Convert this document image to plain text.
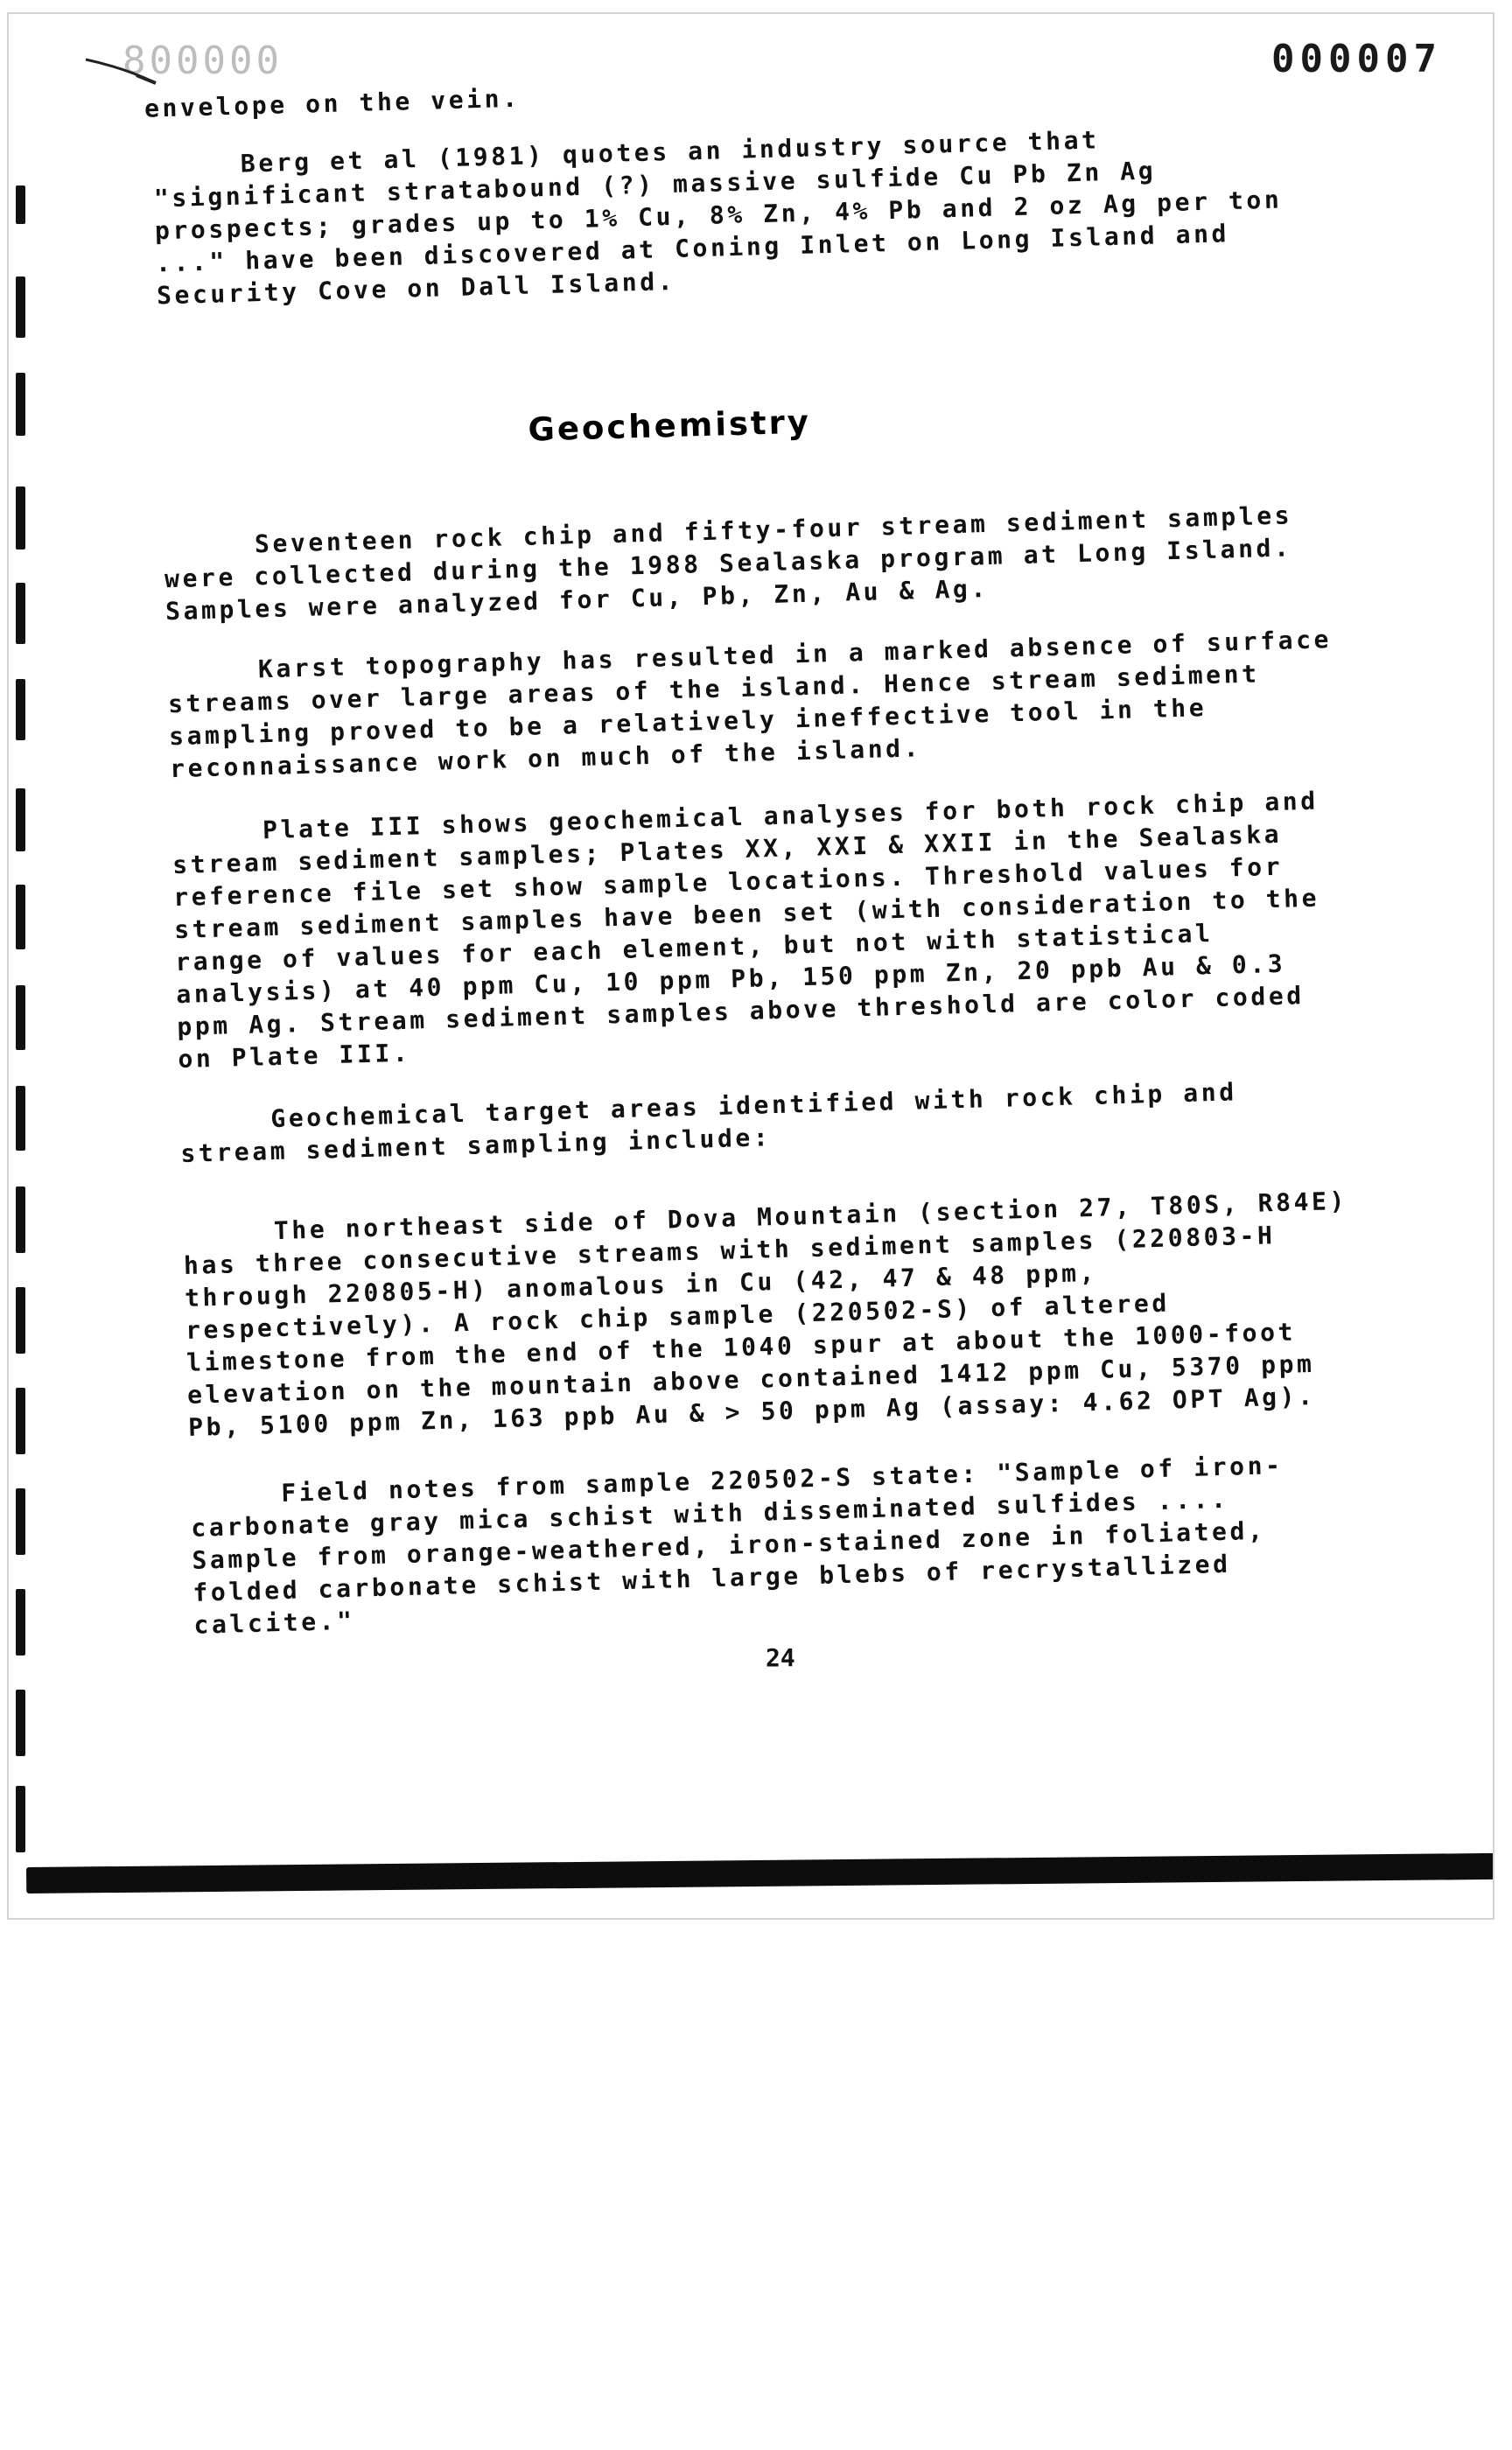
800000	000007

envelope on the vein.

Berg et al (1981) quotes an industry source that
"significant stratabound (?) massive sulfide Cu Pb Zn Ag
prospects; grades up to 1% Cu, 8% Zn, 4% Pb and 2 oz Ag per ton
..." have been discovered at Coning Inlet on Long Island and
Security Cove on Dall Island.

Geochemistry

Seventeen rock chip and fifty-four stream sediment samples
were collected during the 1988 Sealaska program at Long Island.
Samples were analyzed for Cu, Pb, Zn, Au & Ag.

Karst topography has resulted in a marked absence of surface
streams over large areas of the island. Hence stream sediment
sampling proved to be a relatively ineffective tool in the
reconnaissance work on much of the island.

Plate III shows geochemical analyses for both rock chip and
stream sediment samples; Plates XX, XXI & XXII in the Sealaska
reference file set show sample locations. Threshold values for
stream sediment samples have been set (with consideration to the
range of values for each element, but not with statistical
analysis) at 40 ppm Cu, 10 ppm Pb, 150 ppm Zn, 20 ppb Au & 0.3
ppm Ag. Stream sediment samples above threshold are color coded
on Plate III.

Geochemical target areas identified with rock chip and
stream sediment sampling include:

The northeast side of Dova Mountain (section 27, T80S, R84E)
has three consecutive streams with sediment samples (220803-H
through 220805-H) anomalous in Cu (42, 47 & 48 ppm,
respectively). A rock chip sample (220502-S) of altered
limestone from the end of the 1040 spur at about the 1000-foot
elevation on the mountain above contained 1412 ppm Cu, 5370 ppm
Pb, 5100 ppm Zn, 163 ppb Au & > 50 ppm Ag (assay: 4.62 OPT Ag).

Field notes from sample 220502-S state: "Sample of iron-
carbonate gray mica schist with disseminated sulfides ....
Sample from orange-weathered, iron-stained zone in foliated,
folded carbonate schist with large blebs of recrystallized
calcite."

24
